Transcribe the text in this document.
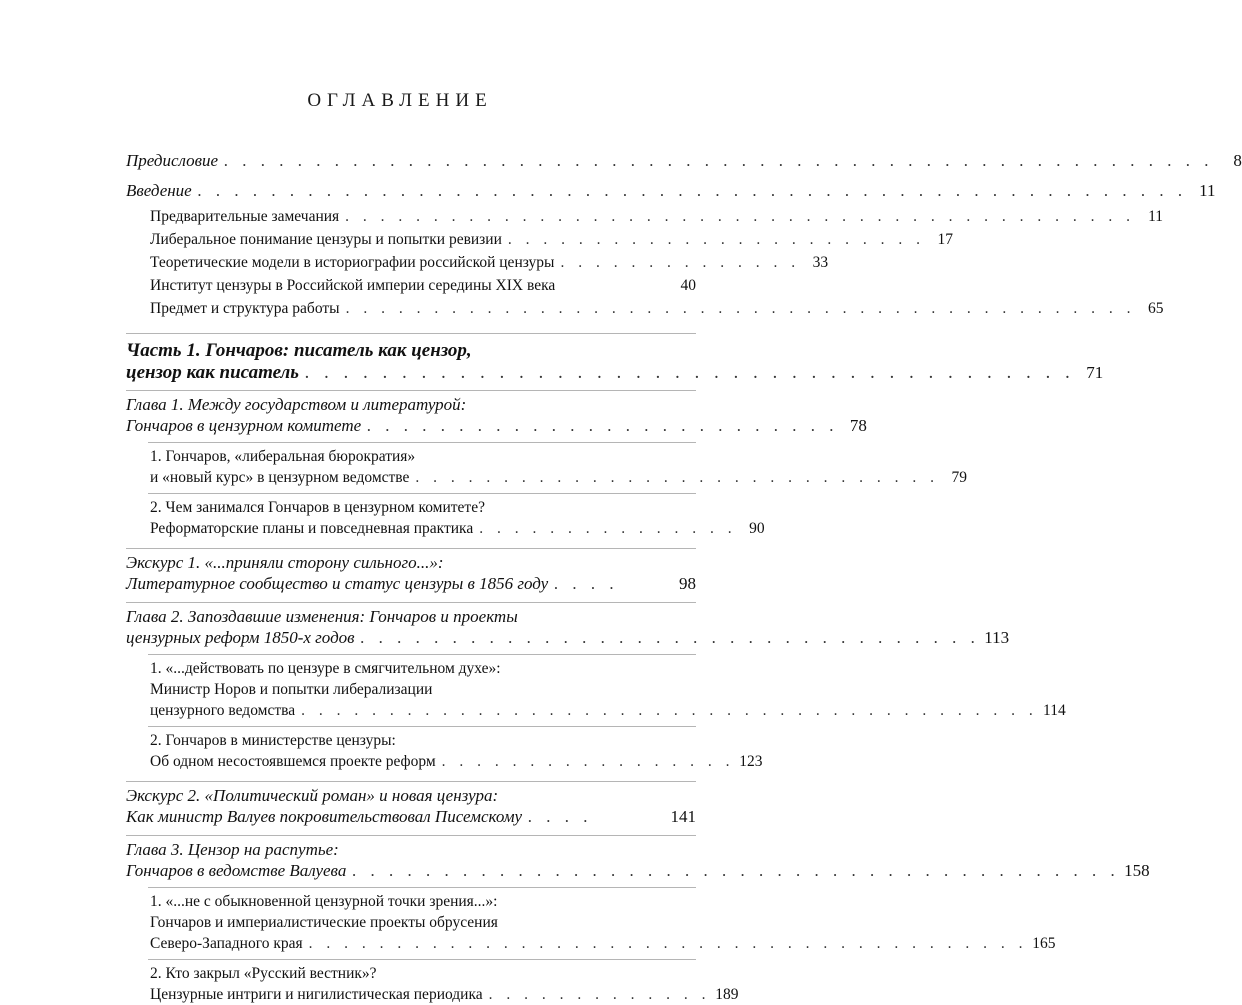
ОГЛАВЛЕНИЕ
Предисловие . . . . . . . . . . . . . . . . . . . . . . . . . . . . . . . . . . . . . . . . . . . . . . . . . . . . . .	8
Введение . . . . . . . . . . . . . . . . . . . . . . . . . . . . . . . . . . . . . . . . . . . . . . . . . . . . . . 11
Предварительные замечания . . . . . . . . . . . . . . . . . . . . . . . . . . . . . . . . . . . . . . . . . . . . . 11
Либеральное понимание цензуры и попытки ревизии . . . . . . . . . . . . . . . . . . . . . . . . 17
Теоретические модели в историографии российской цензуры . . . . . . . . . . . . . . 33
Институт цензуры в Российской империи середины XIX века	40
Предмет и структура работы . . . . . . . . . . . . . . . . . . . . . . . . . . . . . . . . . . . . . . . . . . . . . 65
Часть 1. Гончаров: писатель как цензор,
цензор как писатель . . . . . . . . . . . . . . . . . . . . . . . . . . . . . . . . . . . . . . . . 71
Глава 1. Между государством и литературой:
Гончаров в цензурном комитете . . . . . . . . . . . . . . . . . . . . . . . . . . 78
1. Гончаров, «либеральная бюрократия»
и «новый курс» в цензурном ведомстве . . . . . . . . . . . . . . . . . . . . . . . . . . . . . . 79
2. Чем занимался Гончаров в цензурном комитете?
Реформаторские планы и повседневная практика . . . . . . . . . . . . . . . 90
Экскурс 1. «...приняли сторону сильного...»:
Литературное сообщество и статус цензуры в 1856 году . . . .	98
Глава 2. Запоздавшие изменения: Гончаров и проекты
цензурных реформ 1850-х годов . . . . . . . . . . . . . . . . . . . . . . . . . . . . . . . . . . 113
1. «...действовать по цензуре в смягчительном духе»:
Министр Норов и попытки либерализации
цензурного ведомства . . . . . . . . . . . . . . . . . . . . . . . . . . . . . . . . . . . . . . . . . . 114
2. Гончаров в министерстве цензуры:
Об одном несостоявшемся проекте реформ . . . . . . . . . . . . . . . . . 123
Экскурс 2. «Политический роман» и новая цензура:
Как министр Валуев покровительствовал Писемскому . . . .	141
Глава 3. Цензор на распутье:
Гончаров в ведомстве Валуева . . . . . . . . . . . . . . . . . . . . . . . . . . . . . . . . . . . . . . . . . . 158
1. «...не с обыкновенной цензурной точки зрения...»:
Гончаров и империалистические проекты обрусения
Северо-Западного края . . . . . . . . . . . . . . . . . . . . . . . . . . . . . . . . . . . . . . . . . 165
2. Кто закрыл «Русский вестник»?
Цензурные интриги и нигилистическая периодика . . . . . . . . . . . . . 189
